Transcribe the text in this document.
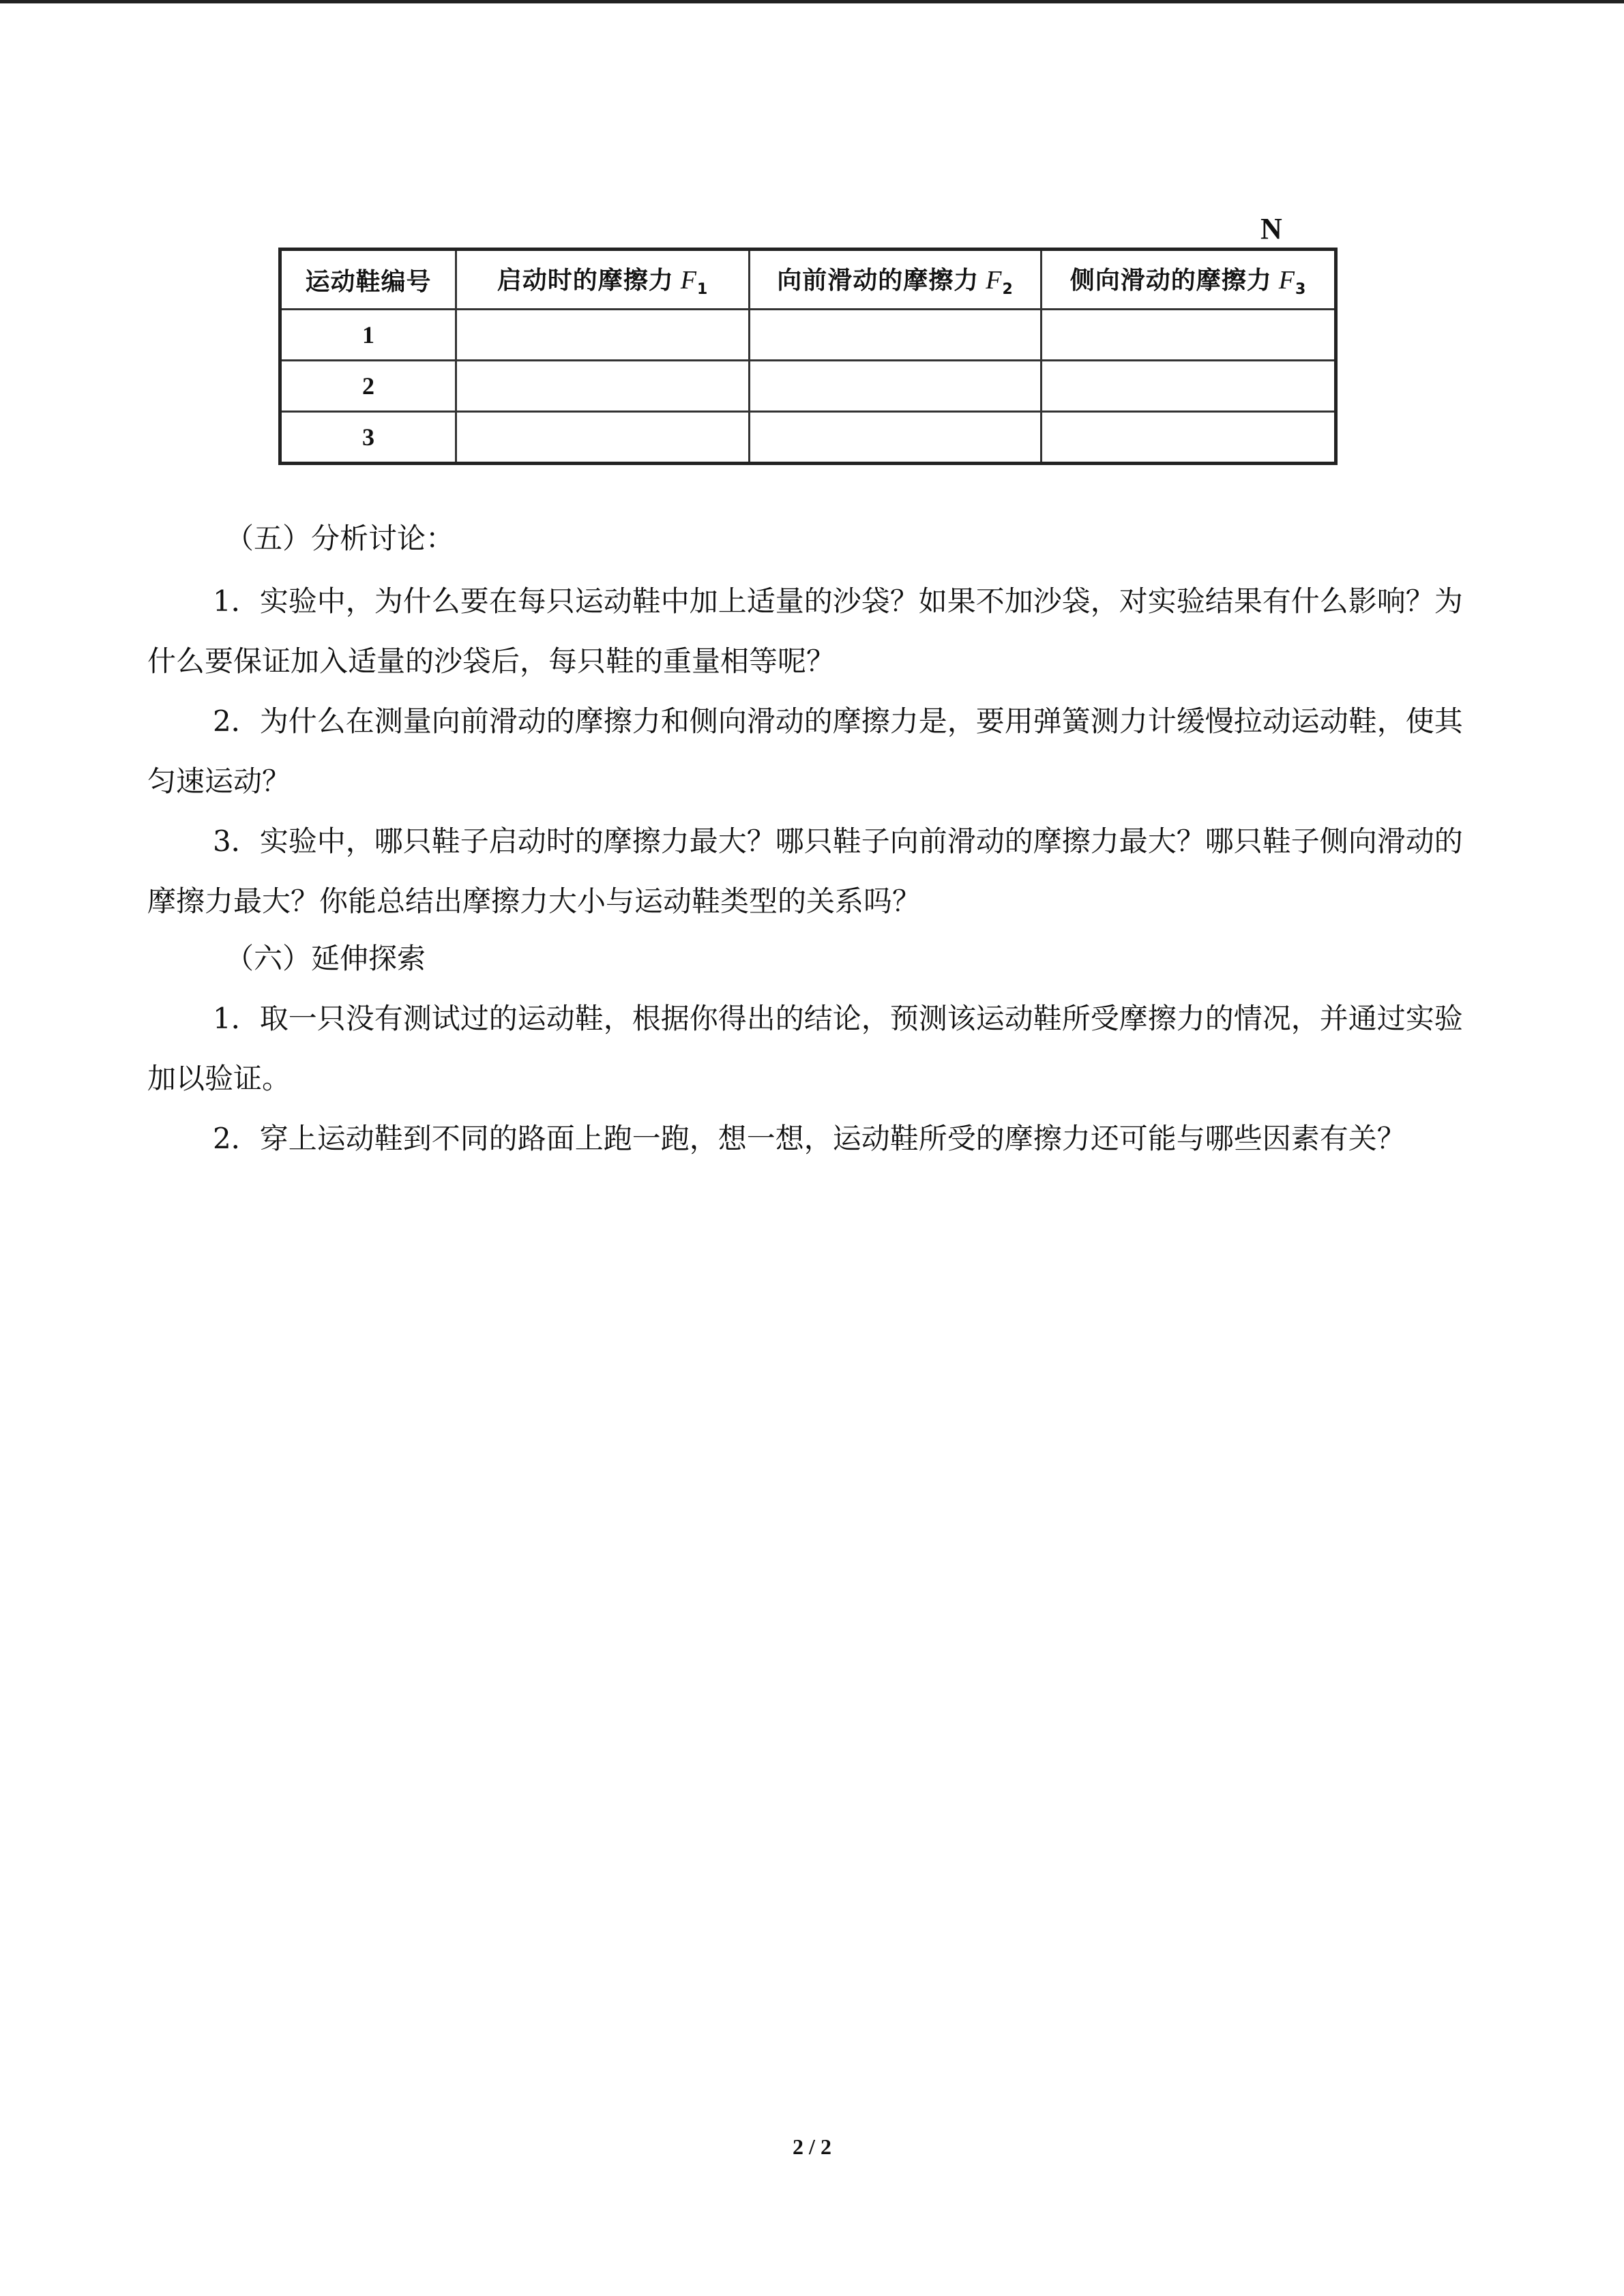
N
运动鞋编号	启动时的摩擦力 $F_1$	向前滑动的摩擦力 $F_2$	侧向滑动的摩擦力 $F_3$
1			
2			
3			
（五）分析讨论：

1．实验中，为什么要在每只运动鞋中加上适量的沙袋？如果不加沙袋，对实验结果有什么影响？为什么要保证加入适量的沙袋后，每只鞋的重量相等呢？

2．为什么在测量向前滑动的摩擦力和侧向滑动的摩擦力是，要用弹簧测力计缓慢拉动运动鞋，使其匀速运动？

3．实验中，哪只鞋子启动时的摩擦力最大？哪只鞋子向前滑动的摩擦力最大？哪只鞋子侧向滑动的摩擦力最大？你能总结出摩擦力大小与运动鞋类型的关系吗？

（六）延伸探索

1．取一只没有测试过的运动鞋，根据你得出的结论，预测该运动鞋所受摩擦力的情况，并通过实验加以验证。

2．穿上运动鞋到不同的路面上跑一跑，想一想，运动鞋所受的摩擦力还可能与哪些因素有关？

2 / 2
